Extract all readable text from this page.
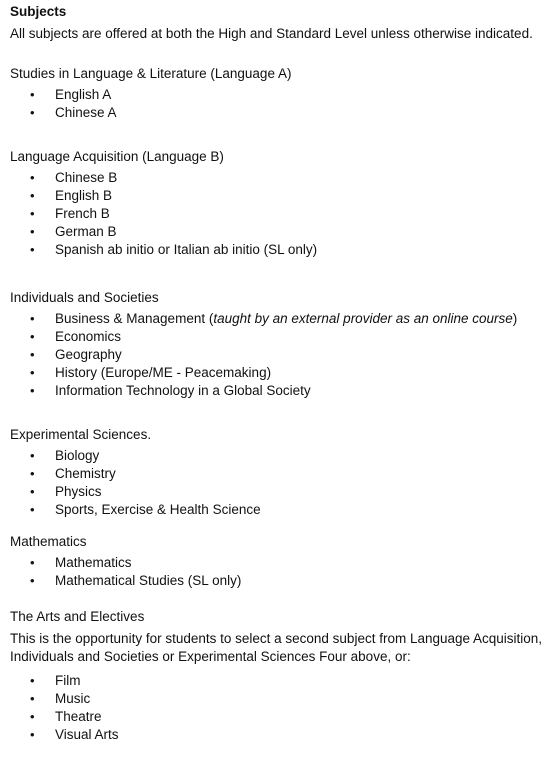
Subjects

All subjects are offered at both the High and Standard Level unless otherwise indicated.

Studies in Language & Literature (Language A)

• English A
• Chinese A

Language Acquisition (Language B)

• Chinese B
• English B
• French B
• German B
• Spanish ab initio or Italian ab initio (SL only)

Individuals and Societies

• Business & Management (taught by an external provider as an online course)
• Economics
• Geography
• History (Europe/ME - Peacemaking)
• Information Technology in a Global Society

Experimental Sciences.

• Biology
• Chemistry
• Physics
• Sports, Exercise & Health Science

Mathematics

• Mathematics
• Mathematical Studies (SL only)

The Arts and Electives

This is the opportunity for students to select a second subject from Language Acquisition,

Individuals and Societies or Experimental Sciences Four above, or:

• Film
• Music
• Theatre
• Visual Arts
